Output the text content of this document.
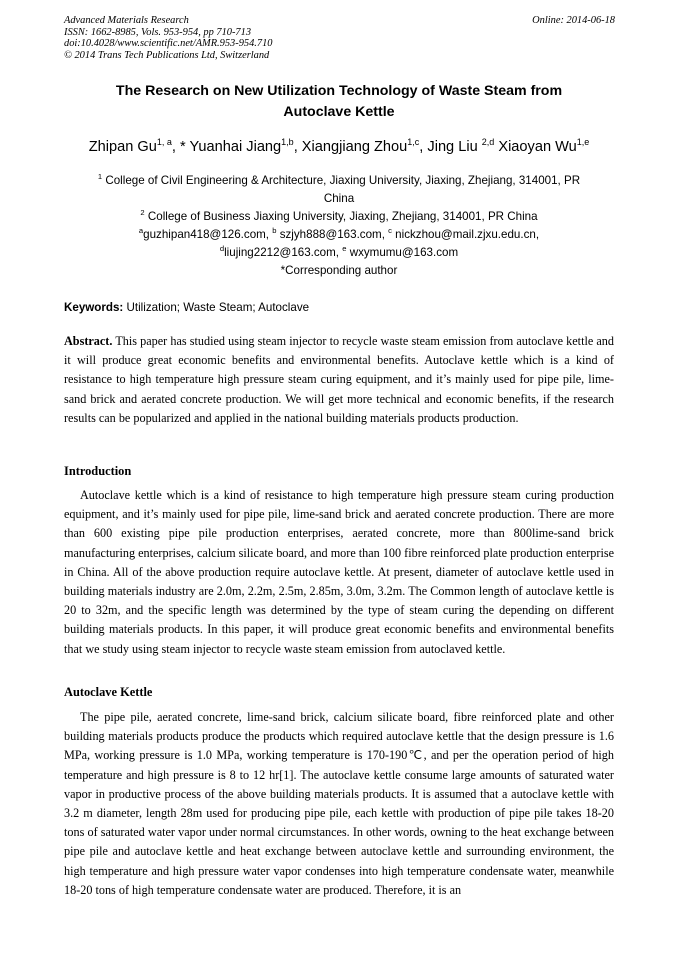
Advanced Materials Research
ISSN: 1662-8985, Vols. 953-954, pp 710-713
doi:10.4028/www.scientific.net/AMR.953-954.710
© 2014 Trans Tech Publications Ltd, Switzerland
Online: 2014-06-18
The Research on New Utilization Technology of Waste Steam from
Autoclave Kettle
Zhipan Gu$^{1, a}$, * Yuanhai Jiang$^{1,b}$, Xiangjiang Zhou$^{1,c}$, Jing Liu $^{2,d}$ Xiaoyan Wu$^{1,e}$
$^1$ College of Civil Engineering & Architecture, Jiaxing University, Jiaxing, Zhejiang, 314001, PR
China
$^2$ College of Business Jiaxing University, Jiaxing, Zhejiang, 314001, PR China
$^a$guzhipan418@126.com, $^b$ szjyh888@163.com, $^c$ nickzhou@mail.zjxu.edu.cn,
$^d$liujing2212@163.com, $^e$ wxymumu@163.com
*Corresponding author
Keywords: Utilization; Waste Steam; Autoclave
Abstract. This paper has studied using steam injector to recycle waste steam emission from autoclave kettle and it will produce great economic benefits and environmental benefits. Autoclave kettle which is a kind of resistance to high temperature high pressure steam curing equipment, and it’s mainly used for pipe pile, lime-sand brick and aerated concrete production. We will get more technical and economic benefits, if the research results can be popularized and applied in the national building materials products production.
Introduction
Autoclave kettle which is a kind of resistance to high temperature high pressure steam curing production equipment, and it’s mainly used for pipe pile, lime-sand brick and aerated concrete production. There are more than 600 existing pipe pile production enterprises, aerated concrete, more than 800lime-sand brick manufacturing enterprises, calcium silicate board, and more than 100 fibre reinforced plate production enterprise in China. All of the above production require autoclave kettle. At present, diameter of autoclave kettle used in building materials industry are 2.0m, 2.2m, 2.5m, 2.85m, 3.0m, 3.2m. The Common length of autoclave kettle is 20 to 32m, and the specific length was determined by the type of steam curing the depending on different building materials products. In this paper, it will produce great economic benefits and environmental benefits that we study using steam injector to recycle waste steam emission from autoclaved kettle.
Autoclave Kettle
The pipe pile, aerated concrete, lime-sand brick, calcium silicate board, fibre reinforced plate and other building materials products produce the products which required autoclave kettle that the design pressure is 1.6 MPa, working pressure is 1.0 MPa, working temperature is 170-190℃, and per the operation period of high temperature and high pressure is 8 to 12 hr[1]. The autoclave kettle consume large amounts of saturated water vapor in productive process of the above building materials products. It is assumed that a autoclave kettle with 3.2 m diameter, length 28m used for producing pipe pile, each kettle with production of pipe pile takes 18-20 tons of saturated water vapor under normal circumstances. In other words, owning to the heat exchange between pipe pile and autoclave kettle and heat exchange between autoclave kettle and surrounding environment, the high temperature and high pressure water vapor condenses into high temperature condensate water, meanwhile 18-20 tons of high temperature condensate water are produced. Therefore, it is an
